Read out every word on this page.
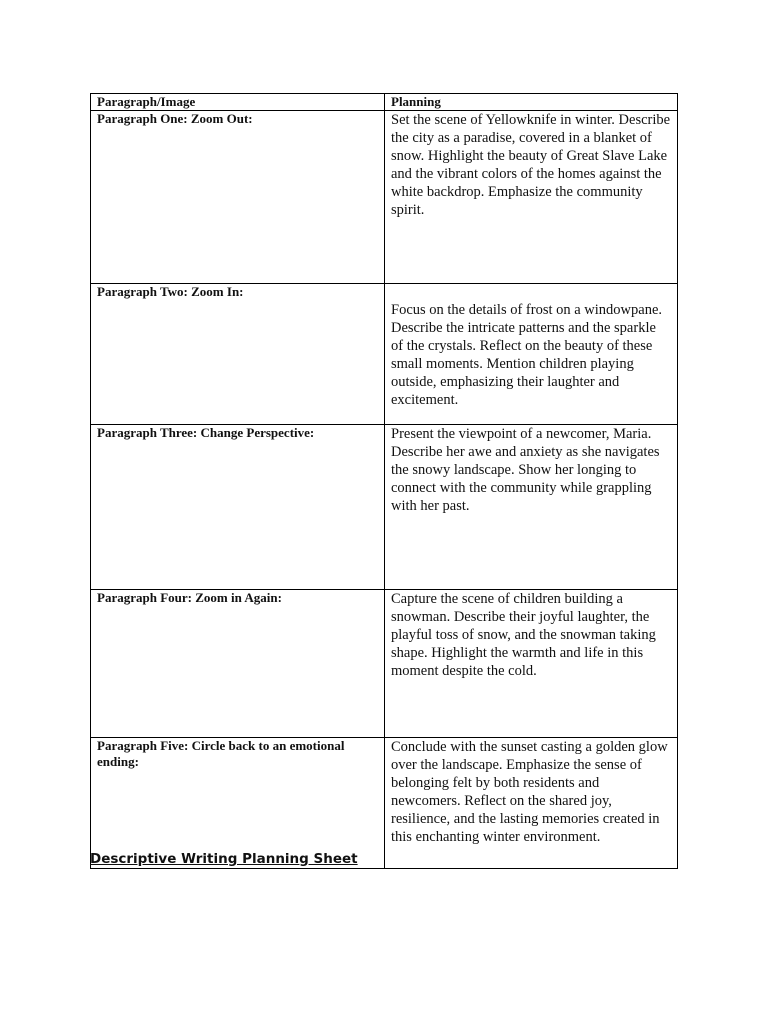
Paragraph/Image	Planning
Paragraph One: Zoom Out:	Set the scene of Yellowknife in winter. Describe the city as a paradise, covered in a blanket of snow. Highlight the beauty of Great Slave Lake and the vibrant colors of the homes against the white backdrop. Emphasize the community spirit.
Paragraph Two: Zoom In:	Focus on the details of frost on a windowpane. Describe the intricate patterns and the sparkle of the crystals. Reflect on the beauty of these small moments. Mention children playing outside, emphasizing their laughter and excitement.
Paragraph Three: Change Perspective:	Present the viewpoint of a newcomer, Maria. Describe her awe and anxiety as she navigates the snowy landscape. Show her longing to connect with the community while grappling with her past.
Paragraph Four: Zoom in Again:	Capture the scene of children building a snowman. Describe their joyful laughter, the playful toss of snow, and the snowman taking shape. Highlight the warmth and life in this moment despite the cold.
Paragraph Five: Circle back to an emotional ending:	Conclude with the sunset casting a golden glow over the landscape. Emphasize the sense of belonging felt by both residents and newcomers. Reflect on the shared joy, resilience, and the lasting memories created in this enchanting winter environment.
Descriptive Writing Planning Sheet
